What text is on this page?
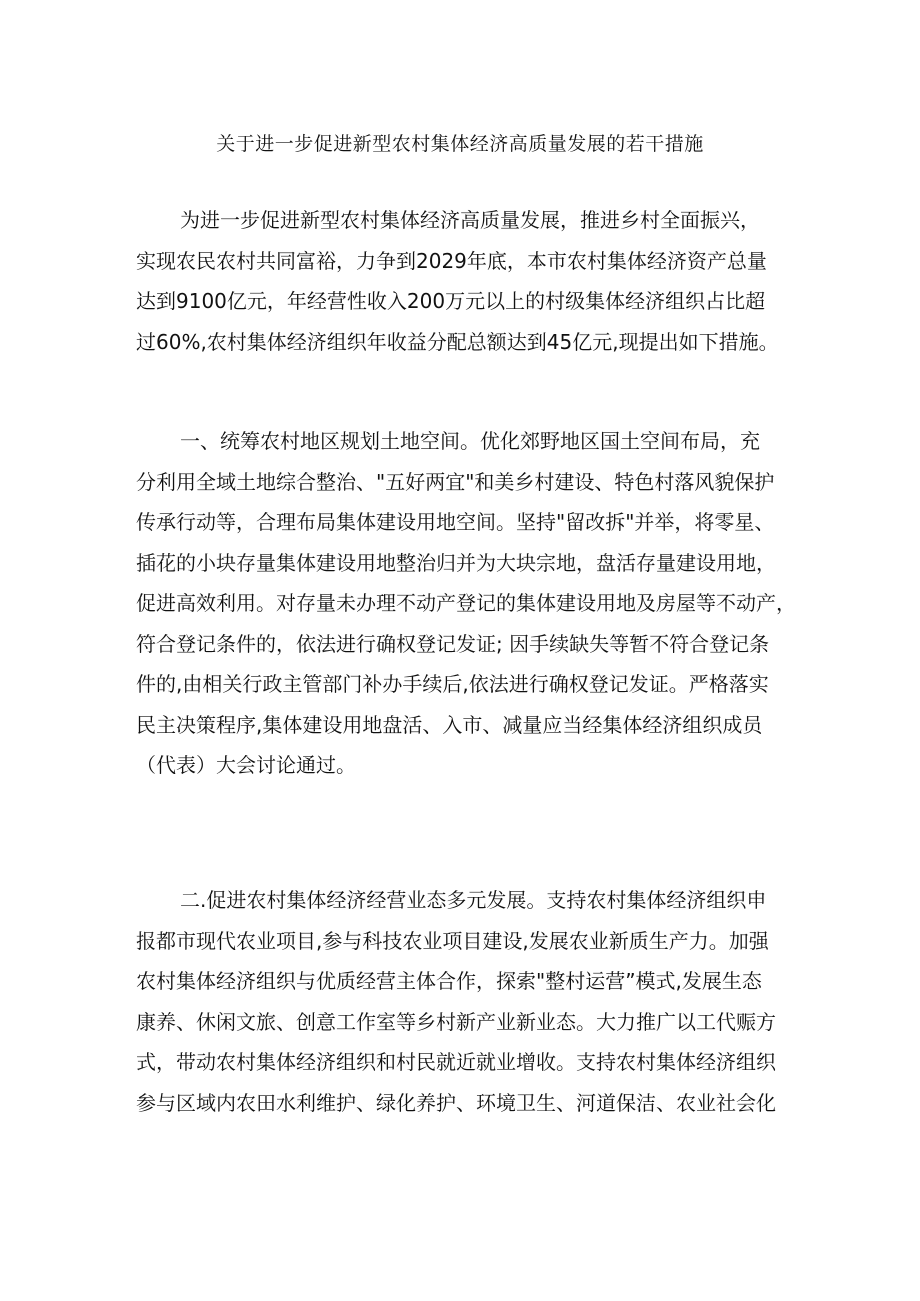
关于进一步促进新型农村集体经济高质量发展的若干措施
为进一步促进新型农村集体经济高质量发展，推进乡村全面振兴，
实现农民农村共同富裕，力争到2029年底，本市农村集体经济资产总量
达到9100亿元，年经营性收入200万元以上的村级集体经济组织占比超
过60%,农村集体经济组织年收益分配总额达到45亿元,现提出如下措施。
一、统筹农村地区规划土地空间。优化郊野地区国土空间布局，充
分利用全域土地综合整治、"五好两宜"和美乡村建设、特色村落风貌保护
传承行动等，合理布局集体建设用地空间。坚持"留改拆"并举，将零星、
插花的小块存量集体建设用地整治归并为大块宗地，盘活存量建设用地，
促进高效利用。对存量未办理不动产登记的集体建设用地及房屋等不动产，
符合登记条件的，依法进行确权登记发证; 因手续缺失等暂不符合登记条
件的,由相关行政主管部门补办手续后,依法进行确权登记发证。严格落实
民主决策程序,集体建设用地盘活、入市、减量应当经集体经济组织成员
（代表）大会讨论通过。
二.促进农村集体经济经营业态多元发展。支持农村集体经济组织申
报都市现代农业项目,参与科技农业项目建设,发展农业新质生产力。加强
农村集体经济组织与优质经营主体合作，探索"整村运营”模式,发展生态
康养、休闲文旅、创意工作室等乡村新产业新业态。大力推广以工代赈方
式，带动农村集体经济组织和村民就近就业增收。支持农村集体经济组织
参与区域内农田水利维护、绿化养护、环境卫生、河道保洁、农业社会化
